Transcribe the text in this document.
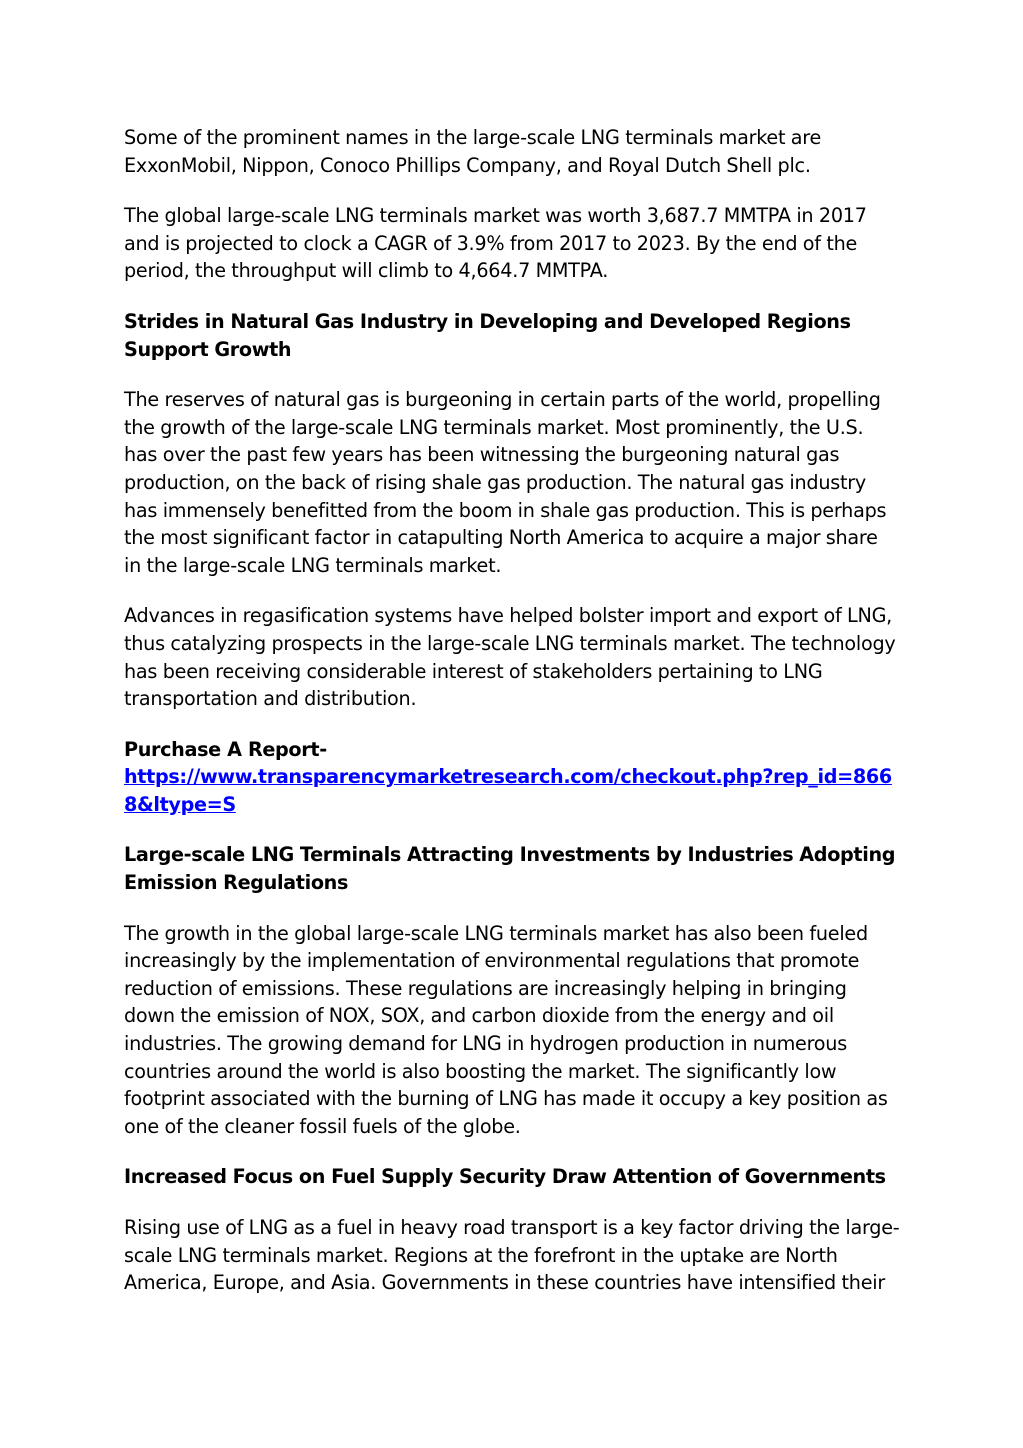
Some of the prominent names in the large-scale LNG terminals market are ExxonMobil, Nippon, Conoco Phillips Company, and Royal Dutch Shell plc.

The global large-scale LNG terminals market was worth 3,687.7 MMTPA in 2017 and is projected to clock a CAGR of 3.9% from 2017 to 2023. By the end of the period, the throughput will climb to 4,664.7 MMTPA.

Strides in Natural Gas Industry in Developing and Developed Regions Support Growth

The reserves of natural gas is burgeoning in certain parts of the world, propelling the growth of the large-scale LNG terminals market. Most prominently, the U.S. has over the past few years has been witnessing the burgeoning natural gas production, on the back of rising shale gas production. The natural gas industry has immensely benefitted from the boom in shale gas production. This is perhaps the most significant factor in catapulting North America to acquire a major share in the large-scale LNG terminals market.

Advances in regasification systems have helped bolster import and export of LNG, thus catalyzing prospects in the large-scale LNG terminals market. The technology has been receiving considerable interest of stakeholders pertaining to LNG transportation and distribution.

Purchase A Report-
https://www.transparencymarketresearch.com/checkout.php?rep_id=8668&ltype=S

Large-scale LNG Terminals Attracting Investments by Industries Adopting Emission Regulations

The growth in the global large-scale LNG terminals market has also been fueled increasingly by the implementation of environmental regulations that promote reduction of emissions. These regulations are increasingly helping in bringing down the emission of NOX, SOX, and carbon dioxide from the energy and oil industries. The growing demand for LNG in hydrogen production in numerous countries around the world is also boosting the market. The significantly low footprint associated with the burning of LNG has made it occupy a key position as one of the cleaner fossil fuels of the globe.

Increased Focus on Fuel Supply Security Draw Attention of Governments

Rising use of LNG as a fuel in heavy road transport is a key factor driving the large-scale LNG terminals market. Regions at the forefront in the uptake are North America, Europe, and Asia. Governments in these countries have intensified their
